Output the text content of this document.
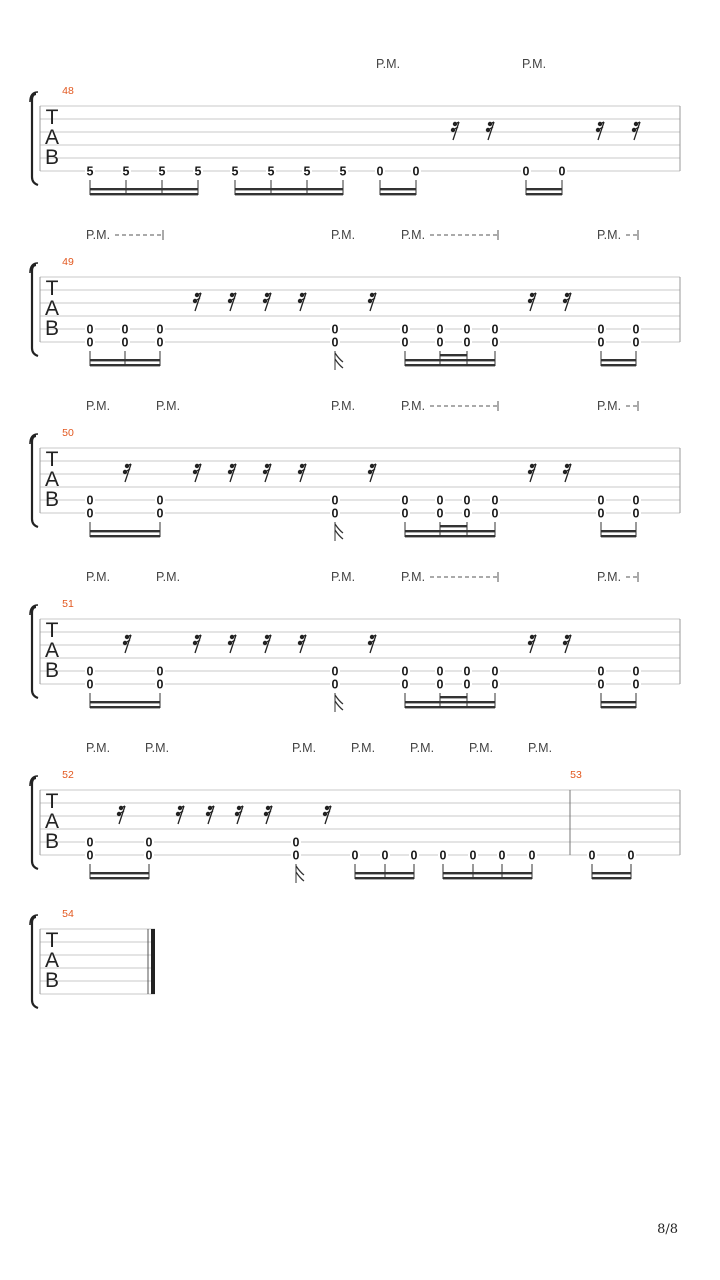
T
A
B
48
P.M.	P.M.
5 5 5 5 5 5 5 5 0 0	0 0
T
A
B
49
P.M.	P.M.	P.M.	P.M.
0
0
0
0
0
0
0
0
0
0
0
0
0
0
0
0
0
0
0
0
T
A
B
50
P.M.	P.M.	P.M.	P.M.	P.M.
0
0
0
0
0
0
0
0
0
0
0
0
0
0
0
0
0
0
T
A
B
51
P.M.	P.M.	P.M.	P.M.	P.M.
0
0
0
0
0
0
0
0
0
0
0
0
0
0
0
0
0
0
T
A
B
52	53
P.M.	P.M.	P.M.	P.M.	P.M.	P.M.	P.M.
0
0
0
0	0 0 0 0 0 0 0	0	0
0
0
T
A
B
54
8/8
